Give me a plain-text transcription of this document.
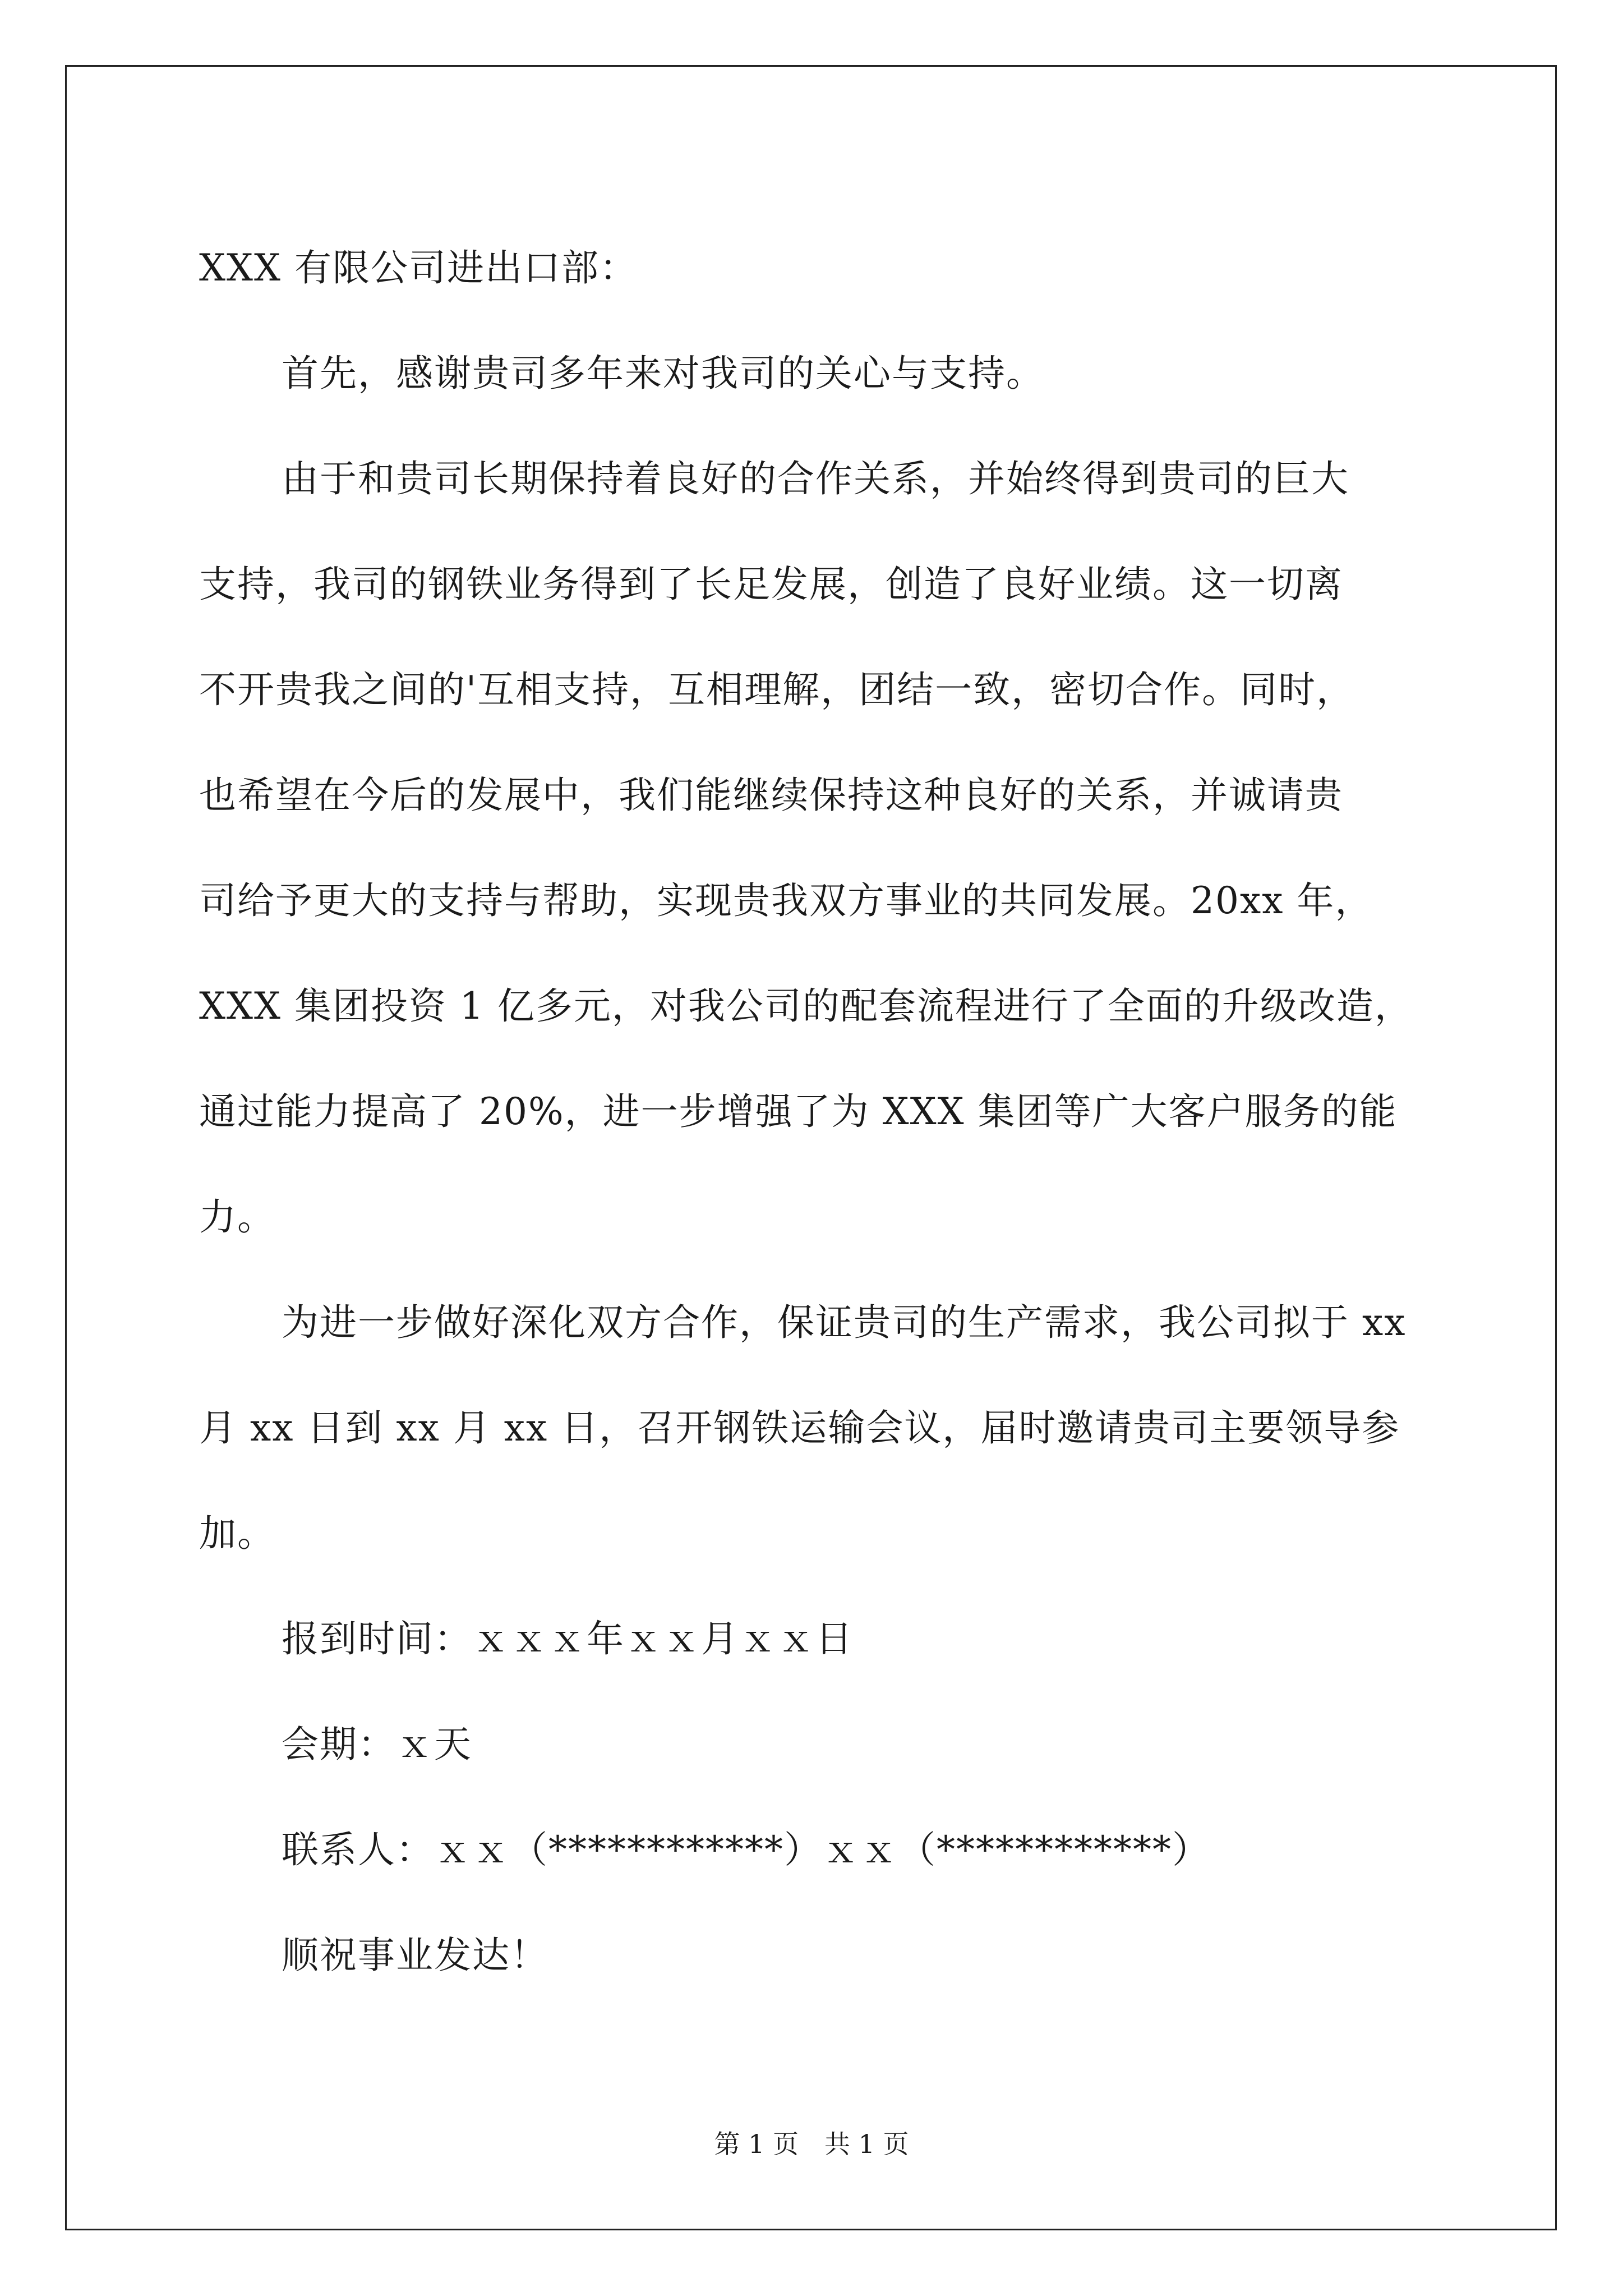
XXX 有限公司进出口部：

首先，感谢贵司多年来对我司的关心与支持。

由于和贵司长期保持着良好的合作关系，并始终得到贵司的巨大
支持，我司的钢铁业务得到了长足发展，创造了良好业绩。这一切离
不开贵我之间的'互相支持，互相理解，团结一致，密切合作。同时，
也希望在今后的发展中，我们能继续保持这种良好的关系，并诚请贵
司给予更大的支持与帮助，实现贵我双方事业的共同发展。20xx 年，
XXX 集团投资 1 亿多元，对我公司的配套流程进行了全面的升级改造，
通过能力提高了 20%，进一步增强了为 XXX 集团等广大客户服务的能
力。

为进一步做好深化双方合作，保证贵司的生产需求，我公司拟于 xx
月 xx 日到 xx 月 xx 日，召开钢铁运输会议，届时邀请贵司主要领导参
加。

报到时间：ｘｘｘ年ｘｘ月ｘｘ日

会期：ｘ天

联系人：ｘｘ（************）ｘｘ（************）

顺祝事业发达！

第 1 页　共 1 页
